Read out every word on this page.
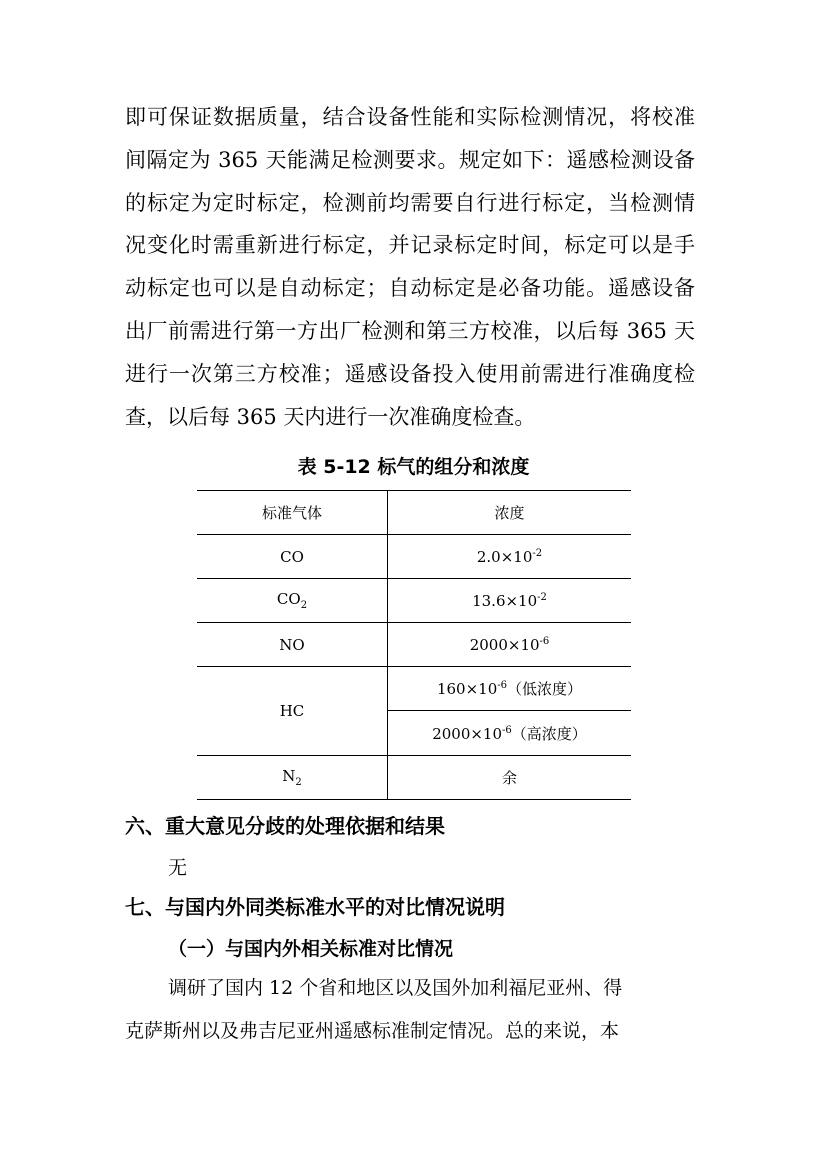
即可保证数据质量，结合设备性能和实际检测情况，将校准
间隔定为 365 天能满足检测要求。规定如下：遥感检测设备
的标定为定时标定，检测前均需要自行进行标定，当检测情
况变化时需重新进行标定，并记录标定时间，标定可以是手
动标定也可以是自动标定；自动标定是必备功能。遥感设备
出厂前需进行第一方出厂检测和第三方校准，以后每 365 天
进行一次第三方校准；遥感设备投入使用前需进行准确度检
查，以后每 365 天内进行一次准确度检查。
表 5-12 标气的组分和浓度
标准气体	浓度
CO	$2.0\times 10^{-2}$
$CO_2$	$13.6\times 10^{-2}$
NO	$2000\times 10^{-6}$
HC	$160\times 10^{-6}$（低浓度）
	$2000\times 10^{-6}$（高浓度）
$N_2$	余
六、重大意见分歧的处理依据和结果
无
七、与国内外同类标准水平的对比情况说明
（一）与国内外相关标准对比情况
调研了国内 12 个省和地区以及国外加利福尼亚州、得
克萨斯州以及弗吉尼亚州遥感标准制定情况。总的来说，本
